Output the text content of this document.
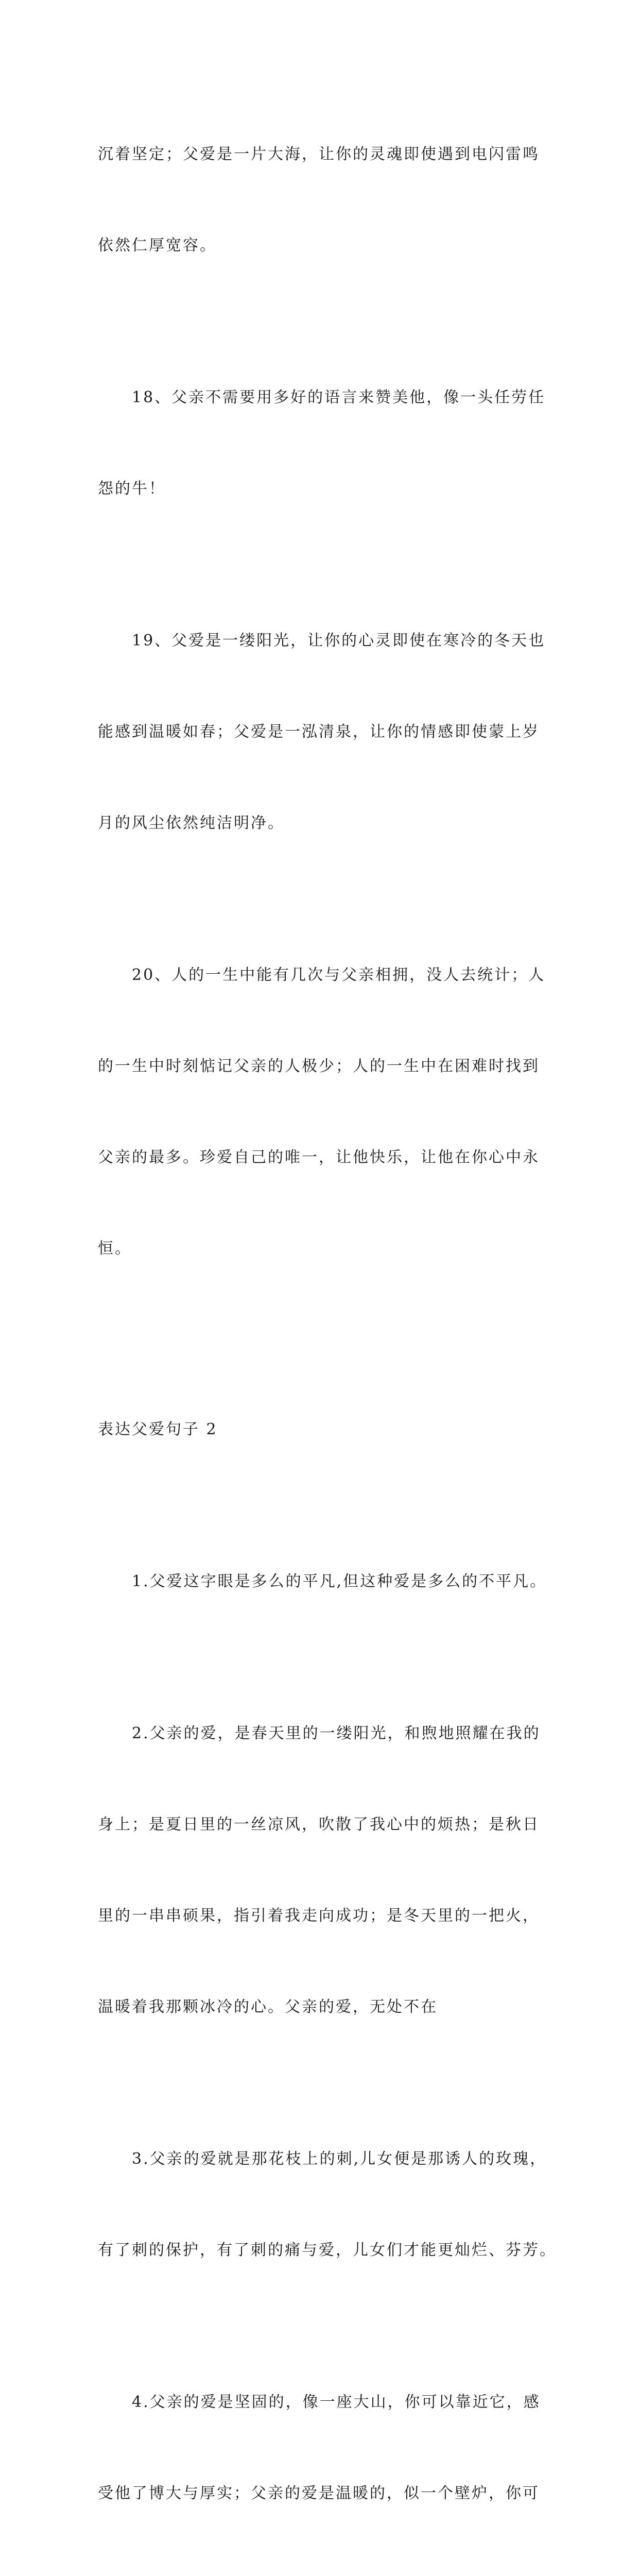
沉着坚定；父爱是一片大海，让你的灵魂即使遇到电闪雷鸣

依然仁厚宽容。

　　18、父亲不需要用多好的语言来赞美他，像一头任劳任

怨的牛！

　　19、父爱是一缕阳光，让你的心灵即使在寒冷的冬天也

能感到温暖如春；父爱是一泓清泉，让你的情感即使蒙上岁

月的风尘依然纯洁明净。

　　20、人的一生中能有几次与父亲相拥，没人去统计；人

的一生中时刻惦记父亲的人极少；人的一生中在困难时找到

父亲的最多。珍爱自己的唯一，让他快乐，让他在你心中永

恒。

表达父爱句子 2

　　1.父爱这字眼是多么的平凡,但这种爱是多么的不平凡。

　　2.父亲的爱，是春天里的一缕阳光，和煦地照耀在我的

身上；是夏日里的一丝凉风，吹散了我心中的烦热；是秋日

里的一串串硕果，指引着我走向成功；是冬天里的一把火，

温暖着我那颗冰冷的心。父亲的爱，无处不在

　　3.父亲的爱就是那花枝上的刺,儿女便是那诱人的玫瑰，

有了刺的保护，有了刺的痛与爱，儿女们才能更灿烂、芬芳。

　　4.父亲的爱是坚固的，像一座大山，你可以靠近它，感

受他了博大与厚实；父亲的爱是温暖的，似一个壁炉，你可
